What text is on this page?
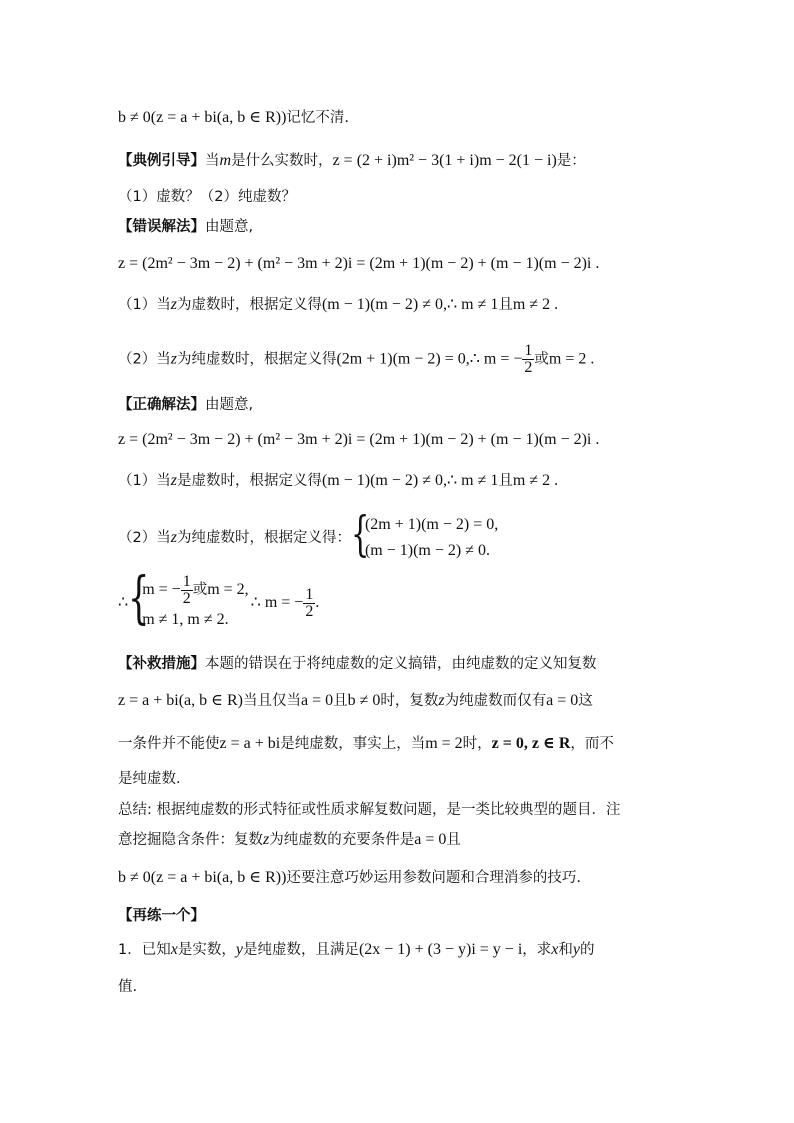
b ≠ 0(z = a + bi(a, b ∈ R))记忆不清.
【典例引导】当m是什么实数时，z = (2 + i)m² − 3(1 + i)m − 2(1 − i)是：
（1）虚数？（2）纯虚数？
【错误解法】由题意,
z = (2m² − 3m − 2) + (m² − 3m + 2)i = (2m + 1)(m − 2) + (m − 1)(m − 2)i .
（1）当z为虚数时，根据定义得(m − 1)(m − 2) ≠ 0,∴ m ≠ 1且m ≠ 2 .
（2）当z为纯虚数时，根据定义得(2m + 1)(m − 2) = 0,∴ m = − $\frac{1}{2}$ 或m = 2 .
【正确解法】由题意,
z = (2m² − 3m − 2) + (m² − 3m + 2)i = (2m + 1)(m − 2) + (m − 1)(m − 2)i .
（1）当z是虚数时，根据定义得(m − 1)(m − 2) ≠ 0,∴ m ≠ 1且m ≠ 2 .
（2）当z为纯虚数时，根据定义得： {
(2m + 1)(m − 2) = 0,
(m − 1)(m − 2) ≠ 0.
∴ {
m = − $\frac{1}{2}$ 或m = 2,
m ≠ 1, m ≠ 2.
∴ m = − $\frac{1}{2}$ .
【补救措施】本题的错误在于将纯虚数的定义搞错，由纯虚数的定义知复数
z = a + bi(a, b ∈ R)当且仅当a = 0且b ≠ 0时，复数z为纯虚数而仅有a = 0这
一条件并不能使z = a + bi是纯虚数，事实上，当m = 2时，z = 0, z ∈ R，而不
是纯虚数.
总结: 根据纯虚数的形式特征或性质求解复数问题，是一类比较典型的题目．注
意挖掘隐含条件：复数z为纯虚数的充要条件是a = 0且
b ≠ 0(z = a + bi(a, b ∈ R))还要注意巧妙运用参数问题和合理消参的技巧.
【再练一个】
1．已知x是实数，y是纯虚数，且满足(2x − 1) + (3 − y)i = y − i，求x和y的
值.
